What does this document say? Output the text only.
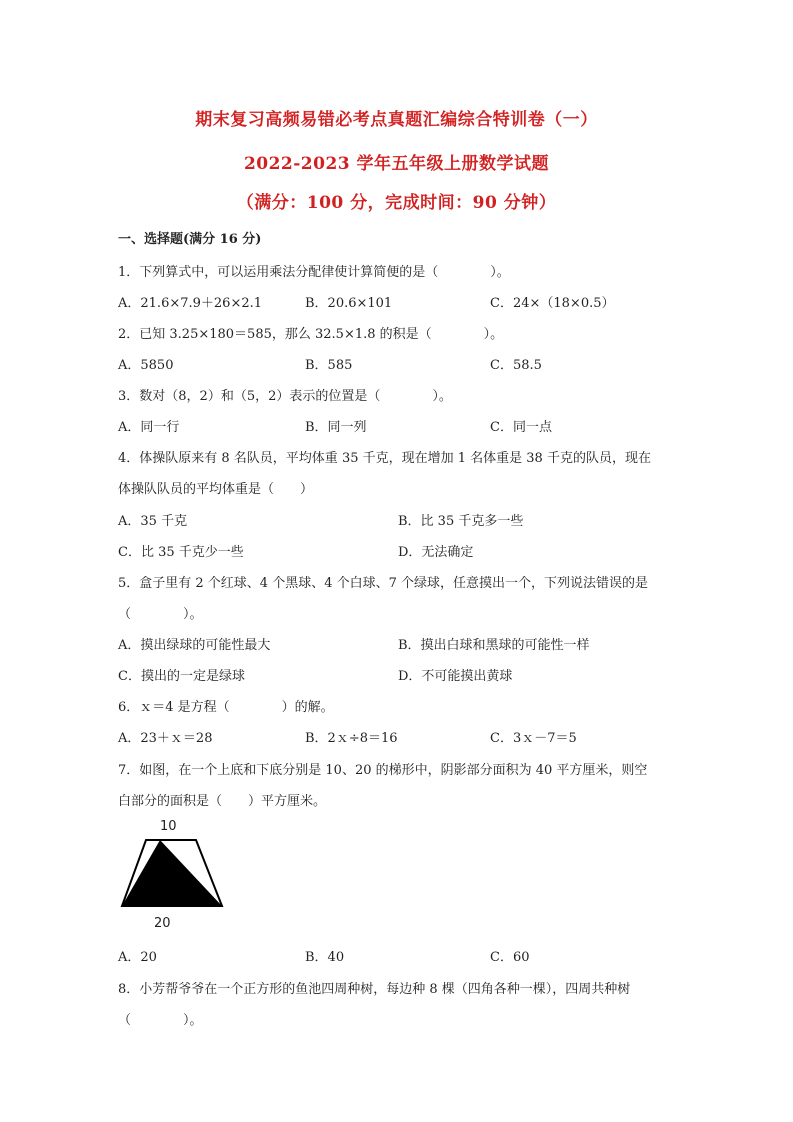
期末复习高频易错必考点真题汇编综合特训卷（一）
2022-2023 学年五年级上册数学试题
（满分：100 分，完成时间：90 分钟）
一、选择题(满分 16 分)
1．下列算式中，可以运用乘法分配律使计算简便的是（　　　　）。
A．21.6×7.9＋26×2.1	B．20.6×101	C．24×（18×0.5）
2．已知 3.25×180＝585，那么 32.5×1.8 的积是（　　　　）。
A．5850	B．585	C．58.5
3．数对（8，2）和（5，2）表示的位置是（　　　　）。
A．同一行	B．同一列	C．同一点
4．体操队原来有 8 名队员，平均体重 35 千克，现在增加 1 名体重是 38 千克的队员，现在
体操队队员的平均体重是（　　）
A．35 千克	B．比 35 千克多一些
C．比 35 千克少一些	D．无法确定
5．盒子里有 2 个红球、4 个黑球、4 个白球、7 个绿球，任意摸出一个，下列说法错误的是
（　　　　）。
A．摸出绿球的可能性最大	B．摸出白球和黑球的可能性一样
C．摸出的一定是绿球	D．不可能摸出黄球
6．ｘ＝4 是方程（　　　　）的解。
A．23＋ｘ＝28	B．2ｘ÷8＝16	C．3ｘ－7＝5
7．如图，在一个上底和下底分别是 10、20 的梯形中，阴影部分面积为 40 平方厘米，则空
白部分的面积是（　　）平方厘米。
10
20
A．20	B．40	C．60
8．小芳帮爷爷在一个正方形的鱼池四周种树，每边种 8 棵（四角各种一棵），四周共种树
（　　　　）。
